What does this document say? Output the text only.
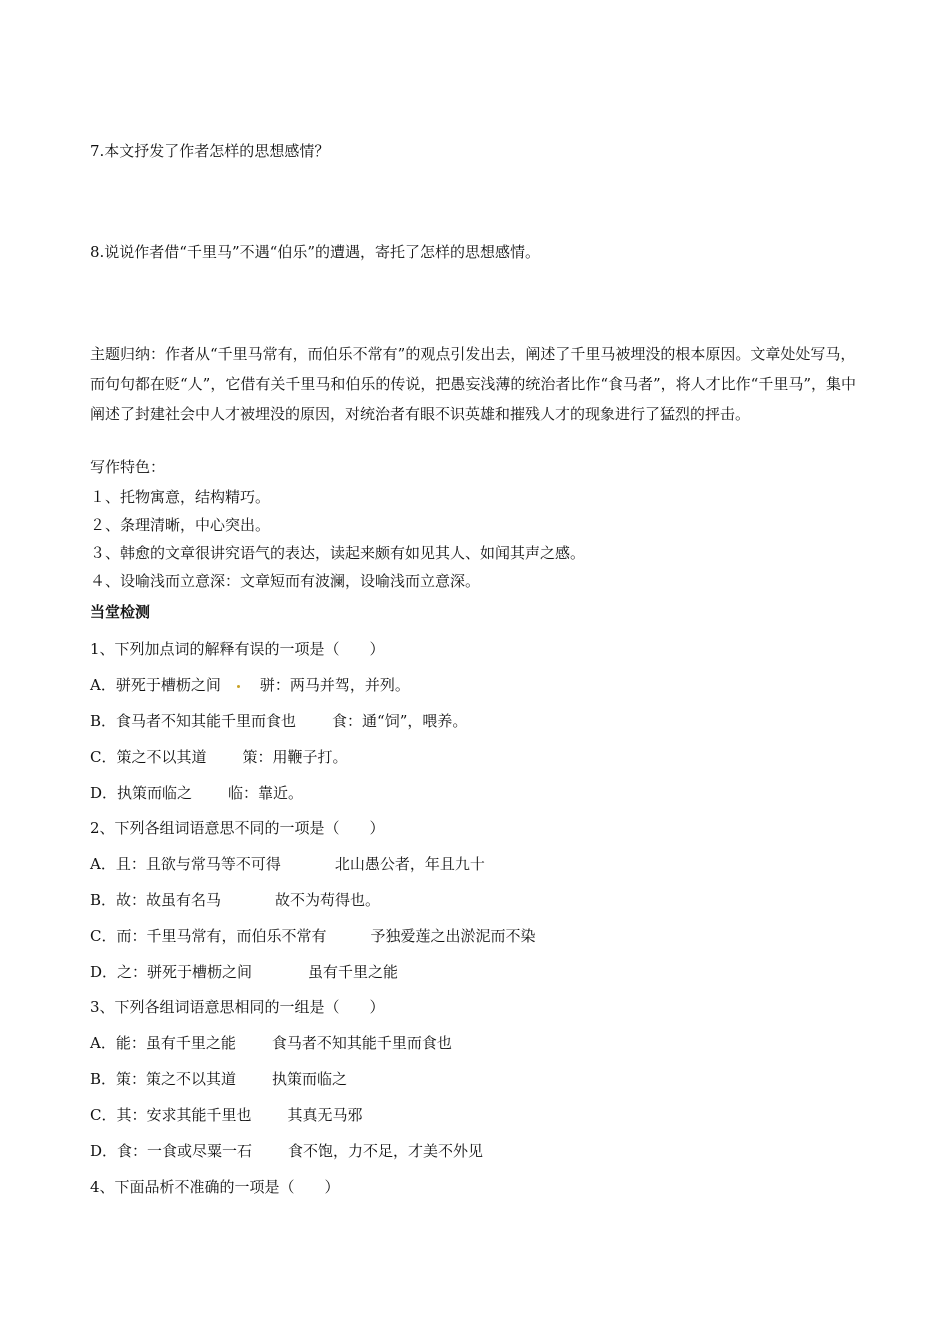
7.本文抒发了作者怎样的思想感情？
8.说说作者借“千里马”不遇“伯乐”的遭遇，寄托了怎样的思想感情。
主题归纳：作者从“千里马常有，而伯乐不常有”的观点引发出去，阐述了千里马被埋没的根本原因。文章处处写马，而句句都在贬“人”，它借有关千里马和伯乐的传说，把愚妄浅薄的统治者比作“食马者”，将人才比作“千里马”，集中阐述了封建社会中人才被埋没的原因，对统治者有眼不识英雄和摧残人才的现象进行了猛烈的抨击。
写作特色：
１、托物寓意，结构精巧。
２、条理清晰，中心突出。
３、韩愈的文章很讲究语气的表达，读起来颇有如见其人、如闻其声之感。
４、设喻浅而立意深：文章短而有波澜，设喻浅而立意深。
当堂检测
1、下列加点词的解释有误的一项是（　　）
A．骈死于槽枥之间	骈：两马并驾，并列。
B．食马者不知其能千里而食也 食：通“饲”，喂养。
C．策之不以其道 策：用鞭子打。
D．执策而临之 临：靠近。
2、下列各组词语意思不同的一项是（　　）
A．且：且欲与常马等不可得	北山愚公者，年且九十
B．故：故虽有名马	故不为苟得也。
C．而：千里马常有，而伯乐不常有	予独爱莲之出淤泥而不染
D．之：骈死于槽枥之间	虽有千里之能
3、下列各组词语意思相同的一组是（　　）
A．能：虽有千里之能 食马者不知其能千里而食也
B．策：策之不以其道 执策而临之
C．其：安求其能千里也 其真无马邪
D．食：一食或尽粟一石 食不饱，力不足，才美不外见
4、下面品析不准确的一项是（　　）
